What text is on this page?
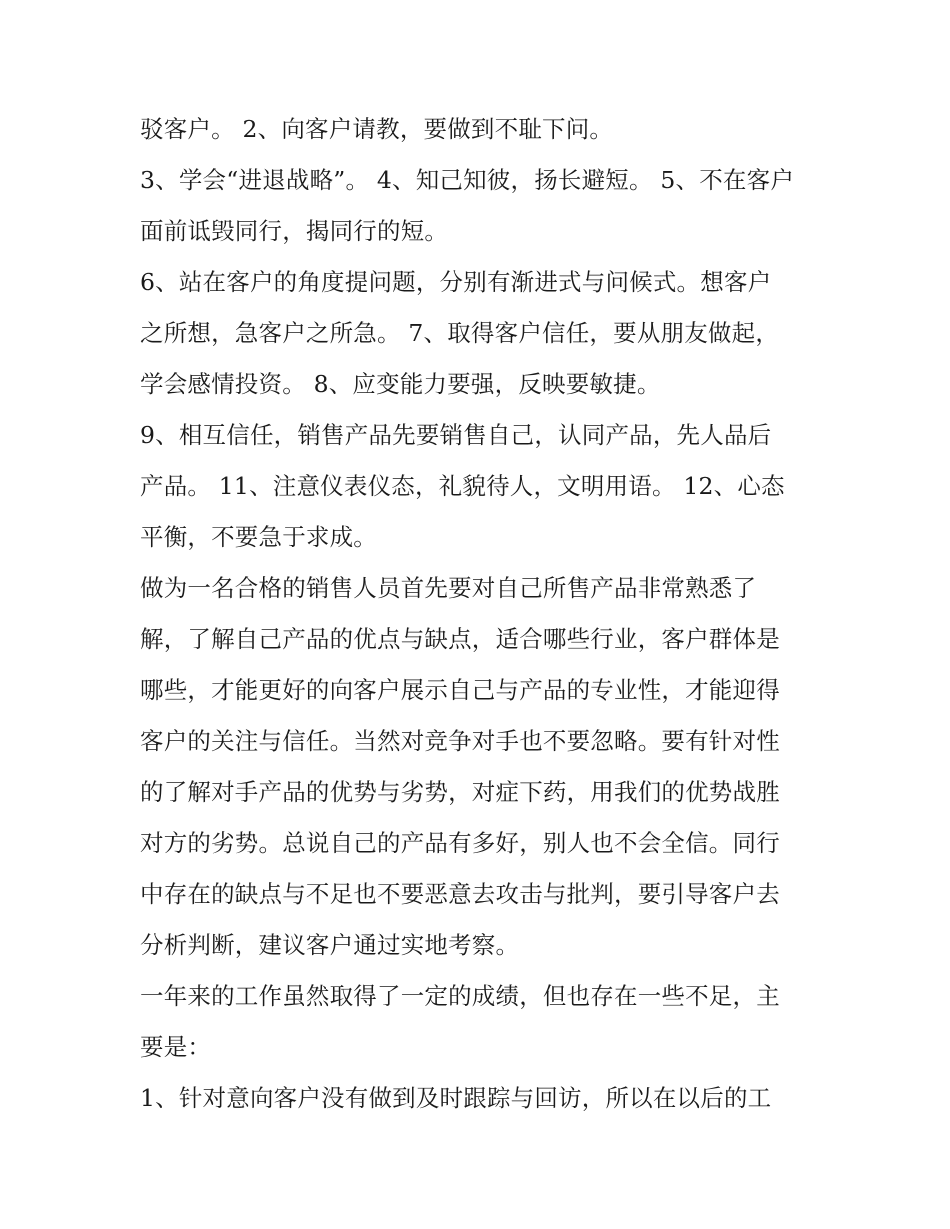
驳客户。 2、向客户请教，要做到不耻下问。
3、学会“进退战略”。 4、知己知彼，扬长避短。 5、不在客户
面前诋毁同行，揭同行的短。
6、站在客户的角度提问题，分别有渐进式与问候式。想客户
之所想，急客户之所急。 7、取得客户信任，要从朋友做起，
学会感情投资。 8、应变能力要强，反映要敏捷。
9、相互信任，销售产品先要销售自己，认同产品，先人品后
产品。 11、注意仪表仪态，礼貌待人，文明用语。 12、心态
平衡，不要急于求成。
做为一名合格的销售人员首先要对自己所售产品非常熟悉了
解，了解自己产品的优点与缺点，适合哪些行业，客户群体是
哪些，才能更好的向客户展示自己与产品的专业性，才能迎得
客户的关注与信任。当然对竞争对手也不要忽略。要有针对性
的了解对手产品的优势与劣势，对症下药，用我们的优势战胜
对方的劣势。总说自己的产品有多好，别人也不会全信。同行
中存在的缺点与不足也不要恶意去攻击与批判，要引导客户去
分析判断，建议客户通过实地考察。
一年来的工作虽然取得了一定的成绩，但也存在一些不足，主
要是：
1、针对意向客户没有做到及时跟踪与回访，所以在以后的工
